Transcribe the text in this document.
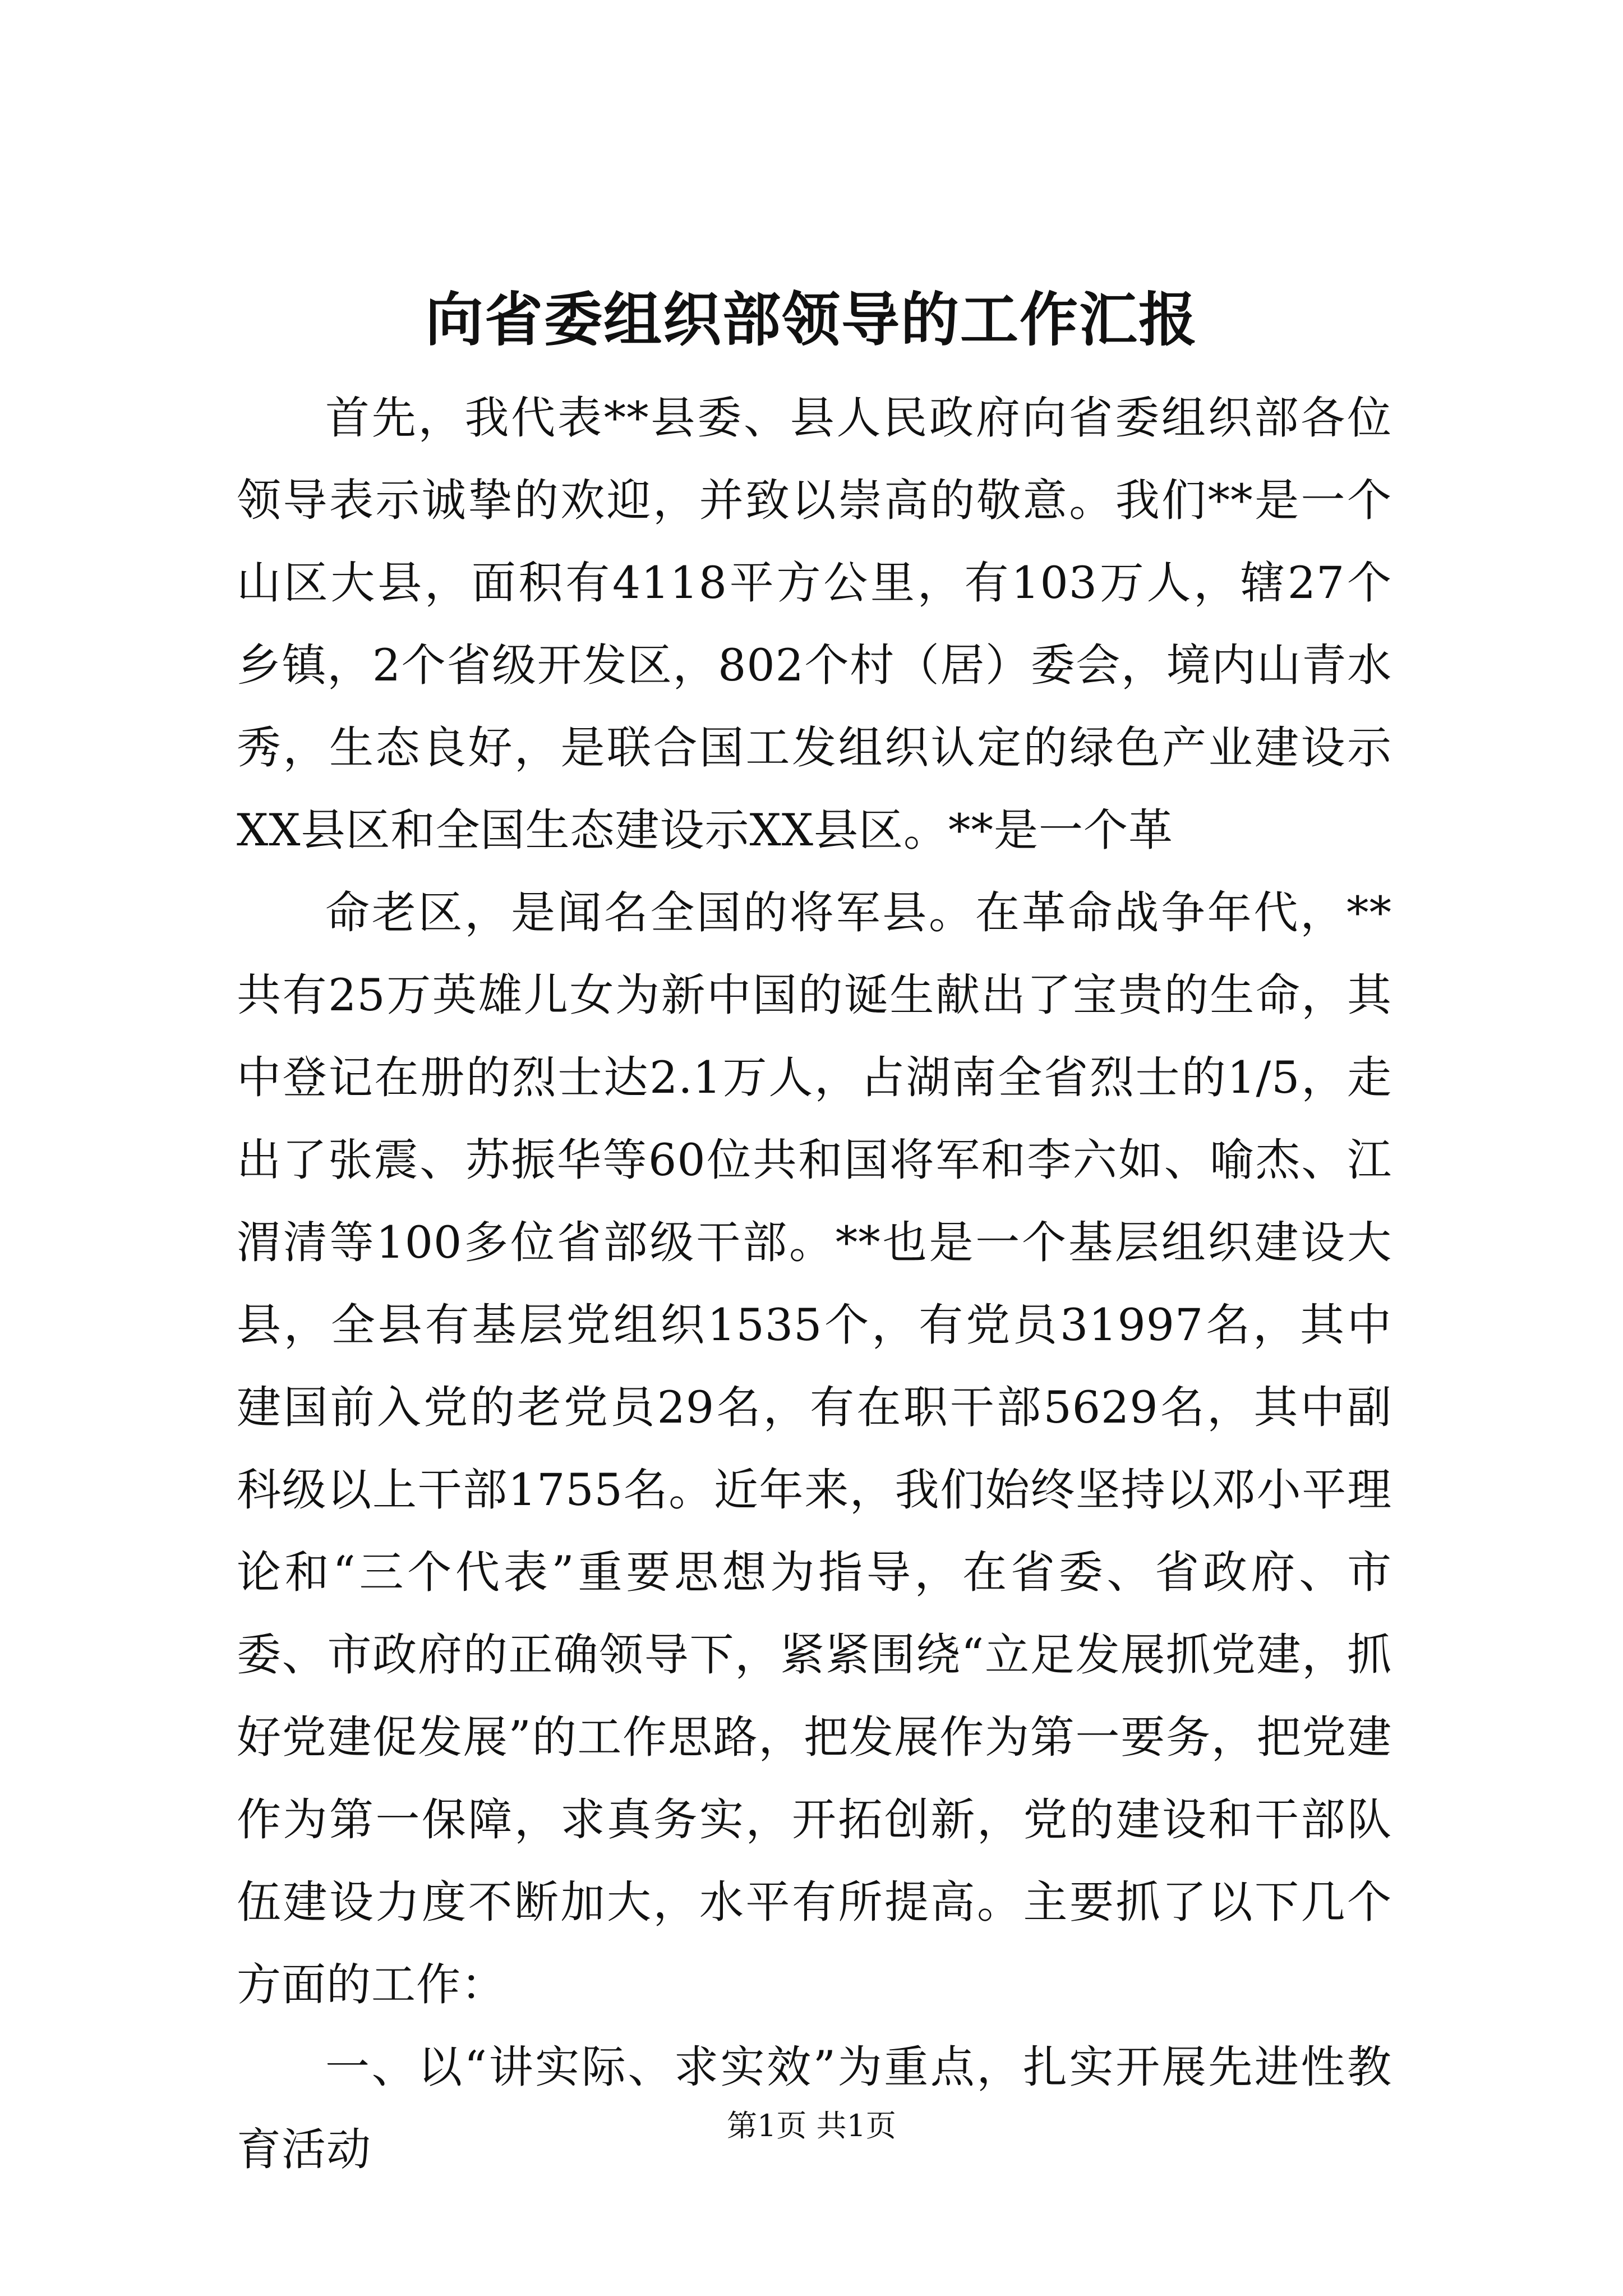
向省委组织部领导的工作汇报

首先，我代表**县委、县人民政府向省委组织部各位领导表示诚挚的欢迎，并致以崇高的敬意。我们**是一个山区大县，面积有4118平方公里，有103万人，辖27个乡镇，2个省级开发区，802个村（居）委会，境内山青水秀，生态良好，是联合国工发组织认定的绿色产业建设示XX县区和全国生态建设示XX县区。**是一个革

命老区，是闻名全国的将军县。在革命战争年代，**共有25万英雄儿女为新中国的诞生献出了宝贵的生命，其中登记在册的烈士达2.1万人，占湖南全省烈士的1/5，走出了张震、苏振华等60位共和国将军和李六如、喻杰、江渭清等100多位省部级干部。**也是一个基层组织建设大县，全县有基层党组织1535个，有党员31997名，其中建国前入党的老党员29名，有在职干部5629名，其中副科级以上干部1755名。近年来，我们始终坚持以邓小平理论和“三个代表”重要思想为指导，在省委、省政府、市委、市政府的正确领导下，紧紧围绕“立足发展抓党建，抓好党建促发展”的工作思路，把发展作为第一要务，把党建作为第一保障，求真务实，开拓创新，党的建设和干部队伍建设力度不断加大，水平有所提高。主要抓了以下几个方面的工作：

一、以“讲实际、求实效”为重点，扎实开展先进性教育活动	第1页 共1页
